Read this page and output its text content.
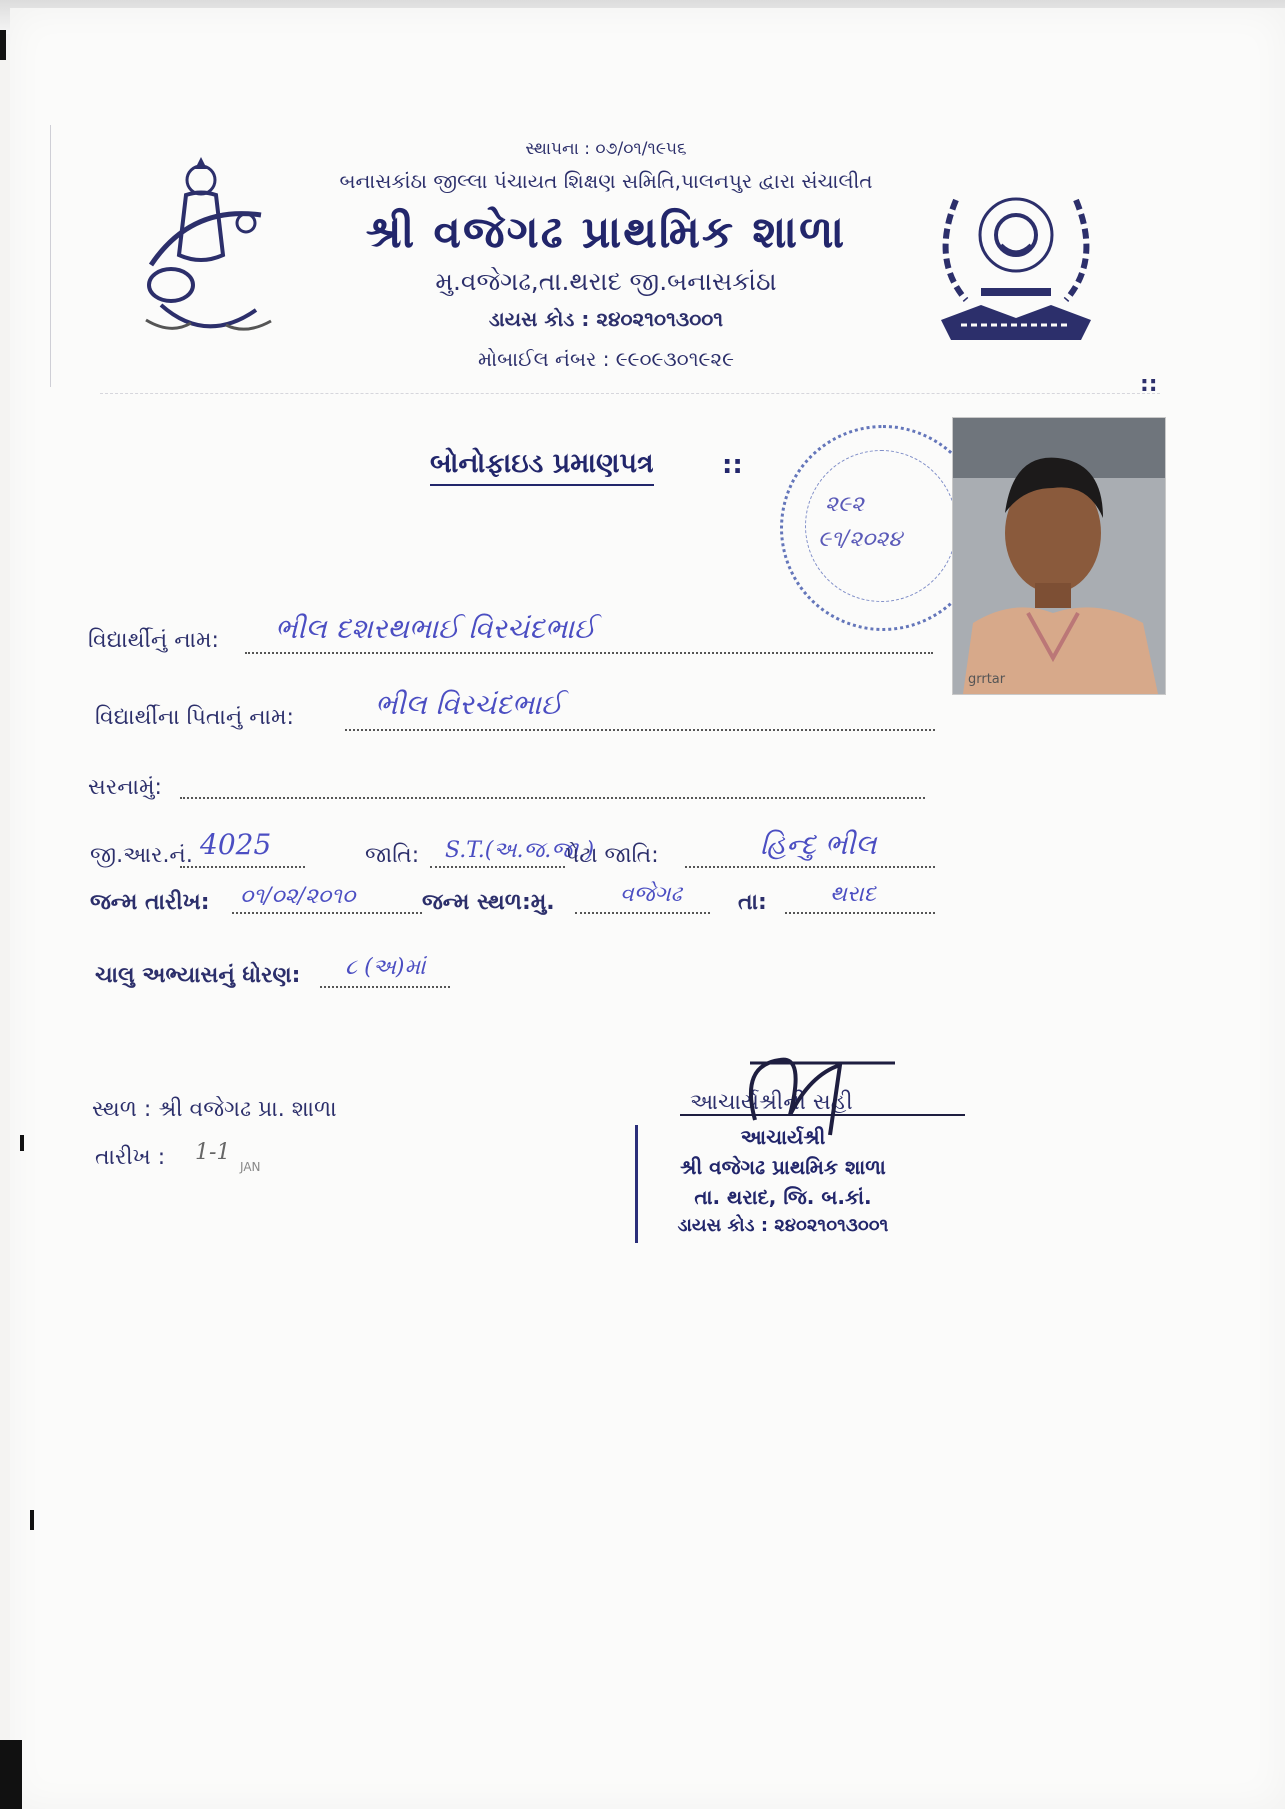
સ્થાપના : ૦૭/૦૧/૧૯૫૬
બનાસકાંઠા જીલ્લા પંચાયત શિક્ષણ સમિતિ,પાલનપુર દ્વારા સંચાલીત
શ્રી વજેગઢ પ્રાથમિક શાળા
મુ.વજેગઢ,તા.થરાદ જી.બનાસકાંઠા
ડાયસ કોડ : ૨૪૦૨૧૦૧૩૦૦૧
મોબાઈલ નંબર : ૯૯૦૯૩૦૧૯૨૯
::
બોનોફાઇડ પ્રમાણપત્ર	::
૨૯૨
૯૧/૨૦૨૪
grrtar
વિદ્યાર્થીનું નામ: ભીલ દશરથભાઈ વિરચંદભાઈ
વિદ્યાર્થીના પિતાનું નામ:	ભીલ વિરચંદભાઈ
સરનામું:
જી.આર.નં. 4025	જાતિ: S.T.(અ.જ.જા.)
પેટા જાતિ:	હિન્દુ ભીલ
જન્મ તારીખ: ૦૧/૦૨/૨૦૧૦	જન્મ સ્થળ:મુ.	વજેગઢ	તા:	થરાદ
ચાલુ અભ્યાસનું ધોરણ: ૮ (અ)માં
સ્થળ : શ્રી વજેગઢ પ્રા. શાળા
તારીખ : 1-1
JAN
આચાર્યશ્રીની સહી
આચાર્યશ્રી
શ્રી વજેગઢ પ્રાથમિક શાળા
તા. થરાદ, જિ. બ.કાં.
ડાયસ કોડ : ૨૪૦૨૧૦૧૩૦૦૧
